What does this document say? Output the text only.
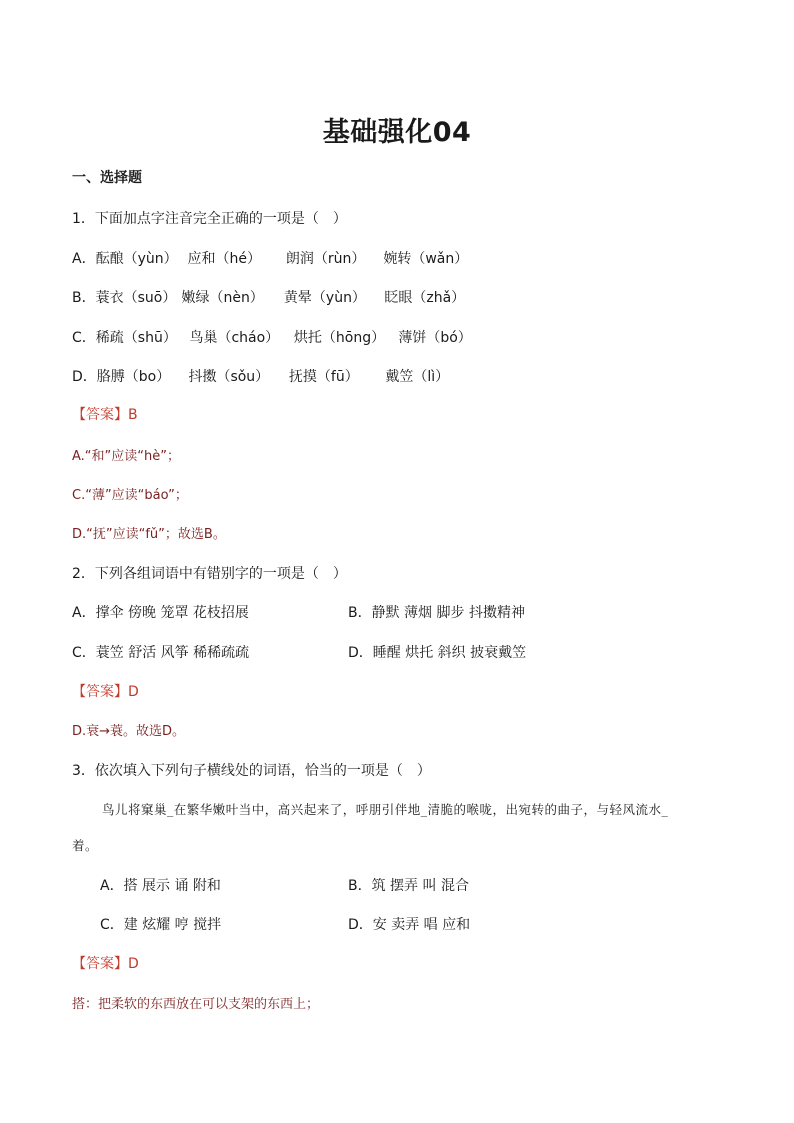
基础强化04
一、选择题
1．下面加点字注音完全正确的一项是（　）
A．酝酿（yùn） 应和（hé） 朗润（rùn） 婉转（wǎn）
B．蓑衣（suō） 嫩绿（nèn） 黄晕（yùn） 眨眼（zhǎ）
C．稀疏（shū） 鸟巢（cháo） 烘托（hōng） 薄饼（bó）
D．胳膊（bo） 抖擞（sǒu） 抚摸（fū） 戴笠（lì）
【答案】B
A.“和”应读“hè”；
C.“薄”应读“báo”；
D.“抚”应读“fǔ”；故选B。
2．下列各组词语中有错别字的一项是（　）
A．撑伞 傍晚 笼罩 花枝招展	B．静默 薄烟 脚步 抖擞精神
C．蓑笠 舒活 风筝 稀稀疏疏	D．睡醒 烘托 斜织 披衰戴笠
【答案】D
D.衰→蓑。故选D。
3．依次填入下列句子横线处的词语，恰当的一项是（　）
鸟儿将窠巢_在繁华嫩叶当中，高兴起来了，呼朋引伴地_清脆的喉咙，出宛转的曲子，与轻风流水_
着。
A．搭 展示 诵 附和	B．筑 摆弄 叫 混合
C．建 炫耀 哼 搅拌	D．安 卖弄 唱 应和
【答案】D
搭：把柔软的东西放在可以支架的东西上；
